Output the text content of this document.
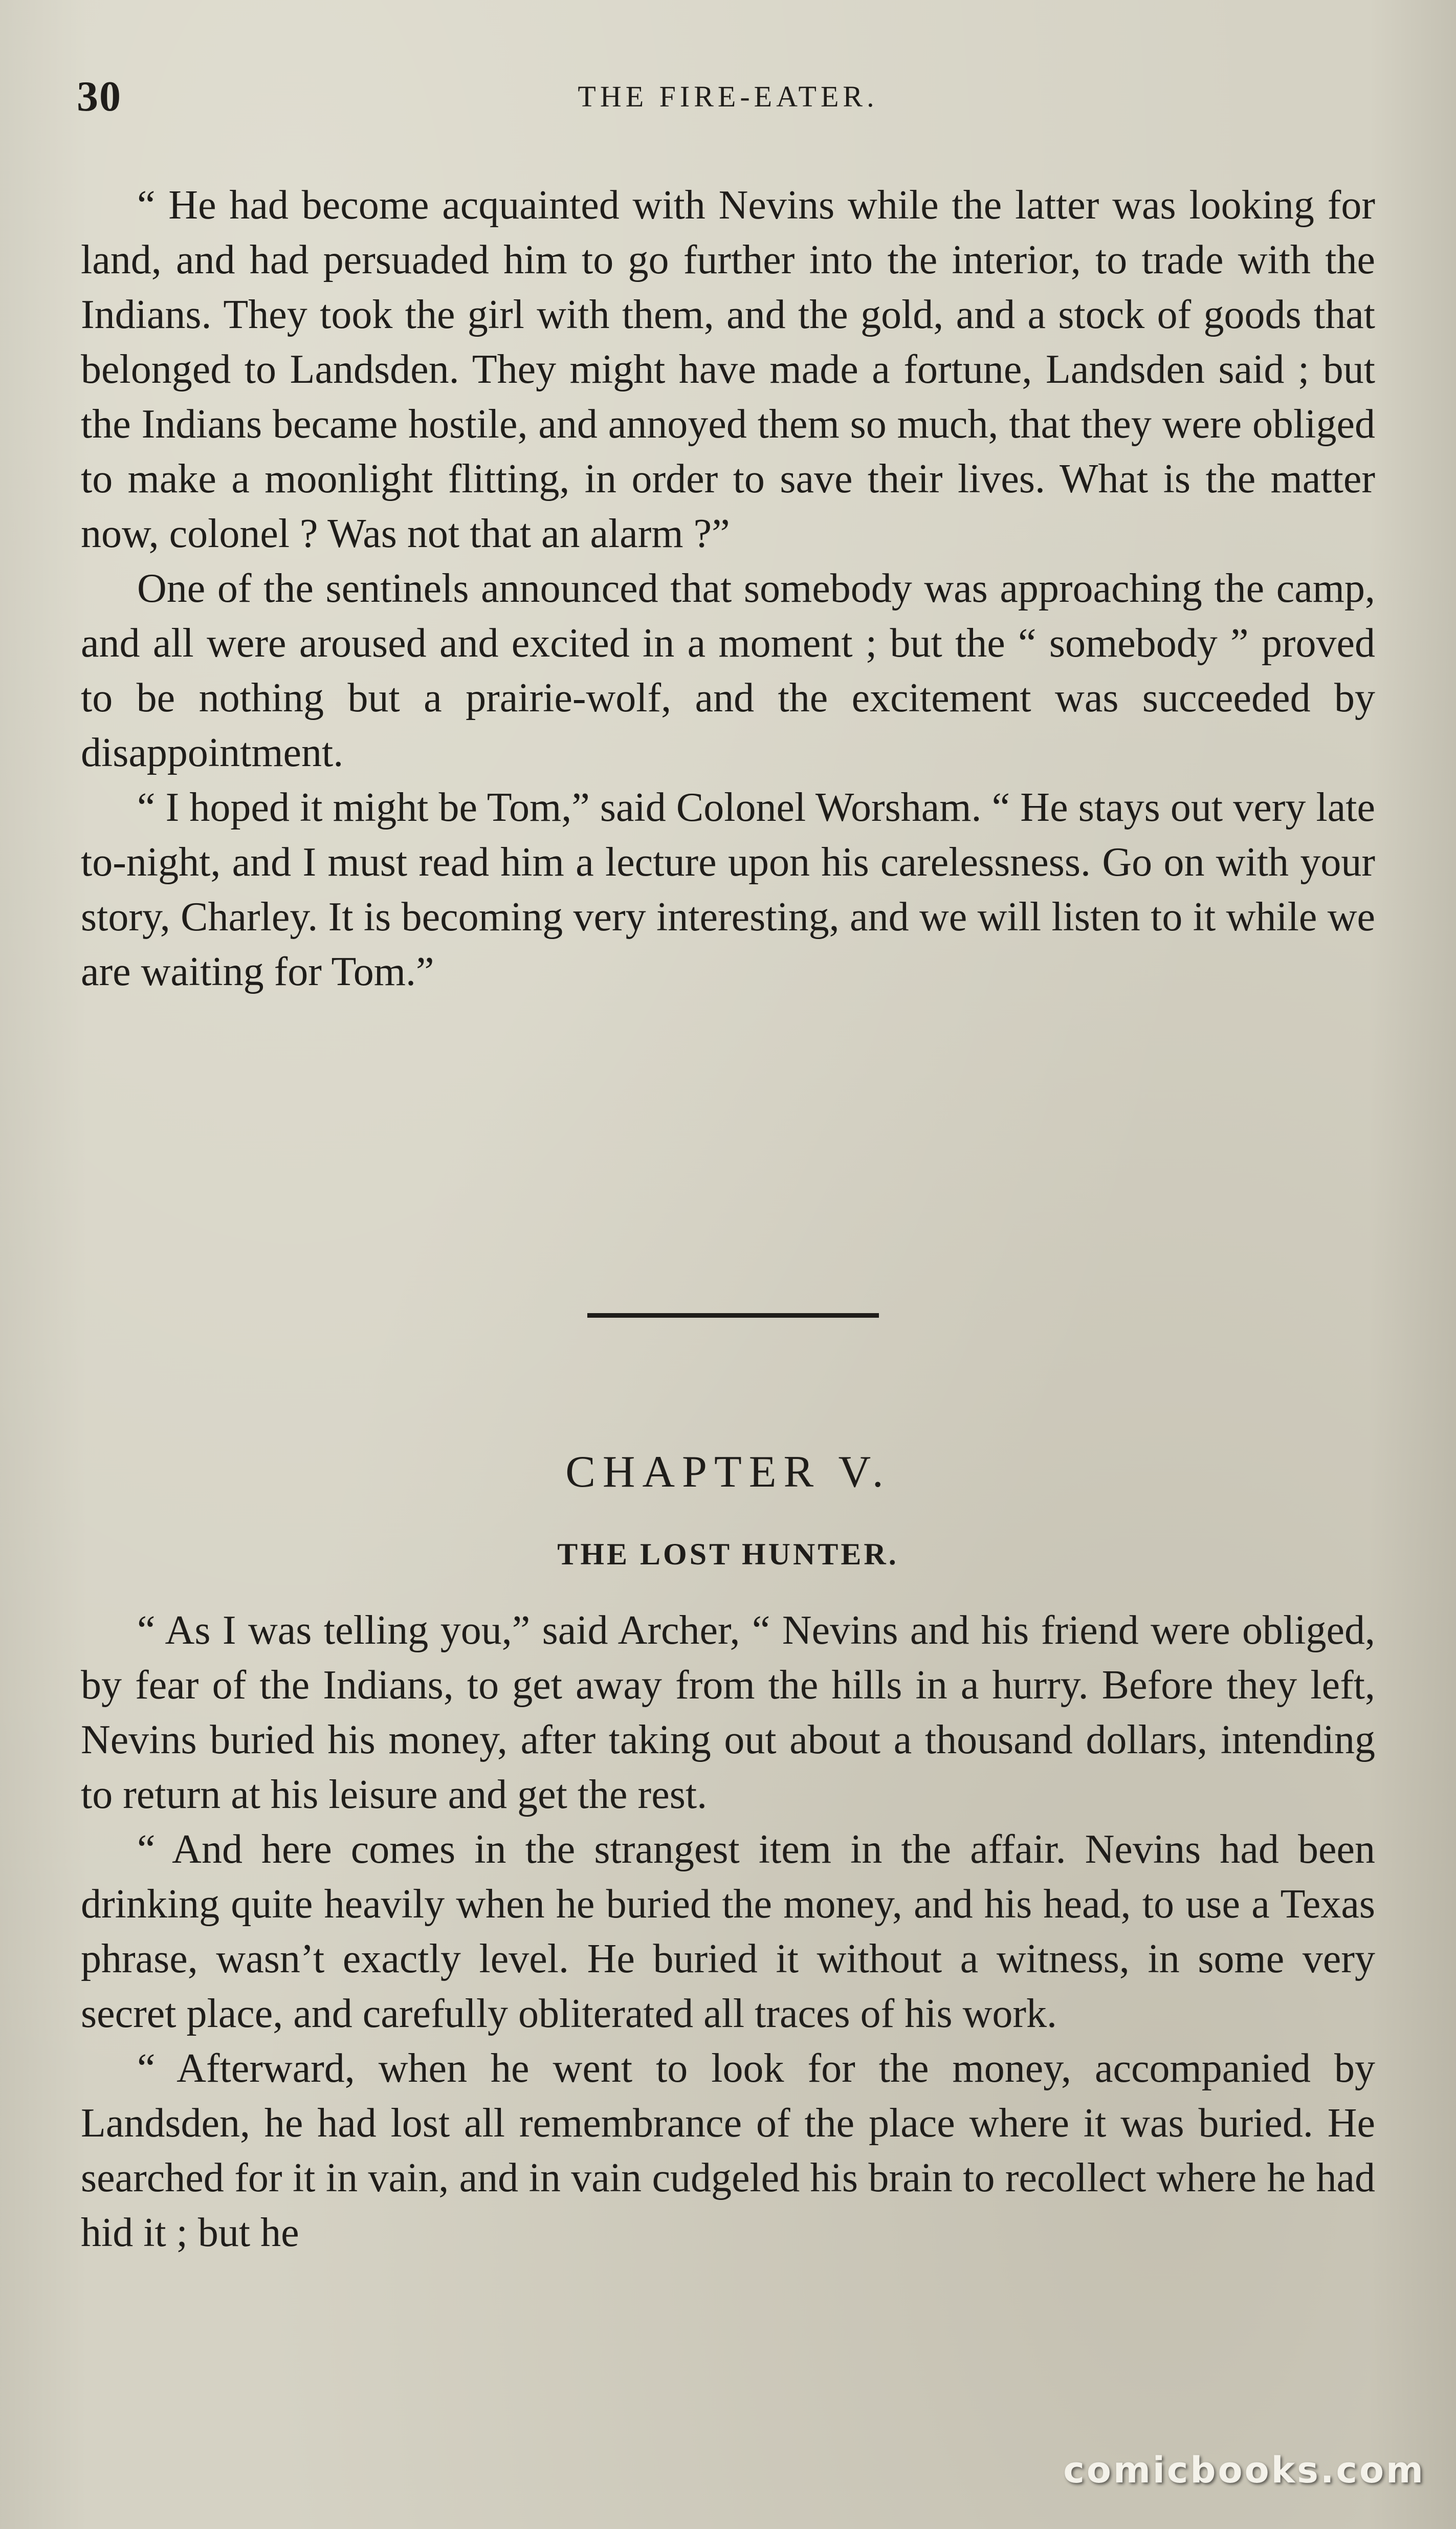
30	THE FIRE-EATER.

“ He had become acquainted with Nevins while the latter was looking for land, and had persuaded him to go further into the interior, to trade with the Indians. They took the girl with them, and the gold, and a stock of goods that belonged to Landsden. They might have made a fortune, Landsden said ; but the Indians became hostile, and annoyed them so much, that they were obliged to make a moonlight flitting, in order to save their lives. What is the matter now, colonel ? Was not that an alarm ?”

One of the sentinels announced that somebody was approaching the camp, and all were aroused and excited in a moment ; but the “ somebody ” proved to be nothing but a prairie-wolf, and the excitement was succeeded by disappointment.

“ I hoped it might be Tom,” said Colonel Worsham. “ He stays out very late to-night, and I must read him a lecture upon his carelessness. Go on with your story, Charley. It is becoming very interesting, and we will listen to it while we are waiting for Tom.”

CHAPTER V.
THE LOST HUNTER.

“ As I was telling you,” said Archer, “ Nevins and his friend were obliged, by fear of the Indians, to get away from the hills in a hurry. Before they left, Nevins buried his money, after taking out about a thousand dollars, intending to return at his leisure and get the rest.

“ And here comes in the strangest item in the affair. Nevins had been drinking quite heavily when he buried the money, and his head, to use a Texas phrase, wasn’t exactly level. He buried it without a witness, in some very secret place, and carefully obliterated all traces of his work.

“ Afterward, when he went to look for the money, accompanied by Landsden, he had lost all remembrance of the place where it was buried. He searched for it in vain, and in vain cudgeled his brain to recollect where he had hid it ; but he

comicbooks.com
